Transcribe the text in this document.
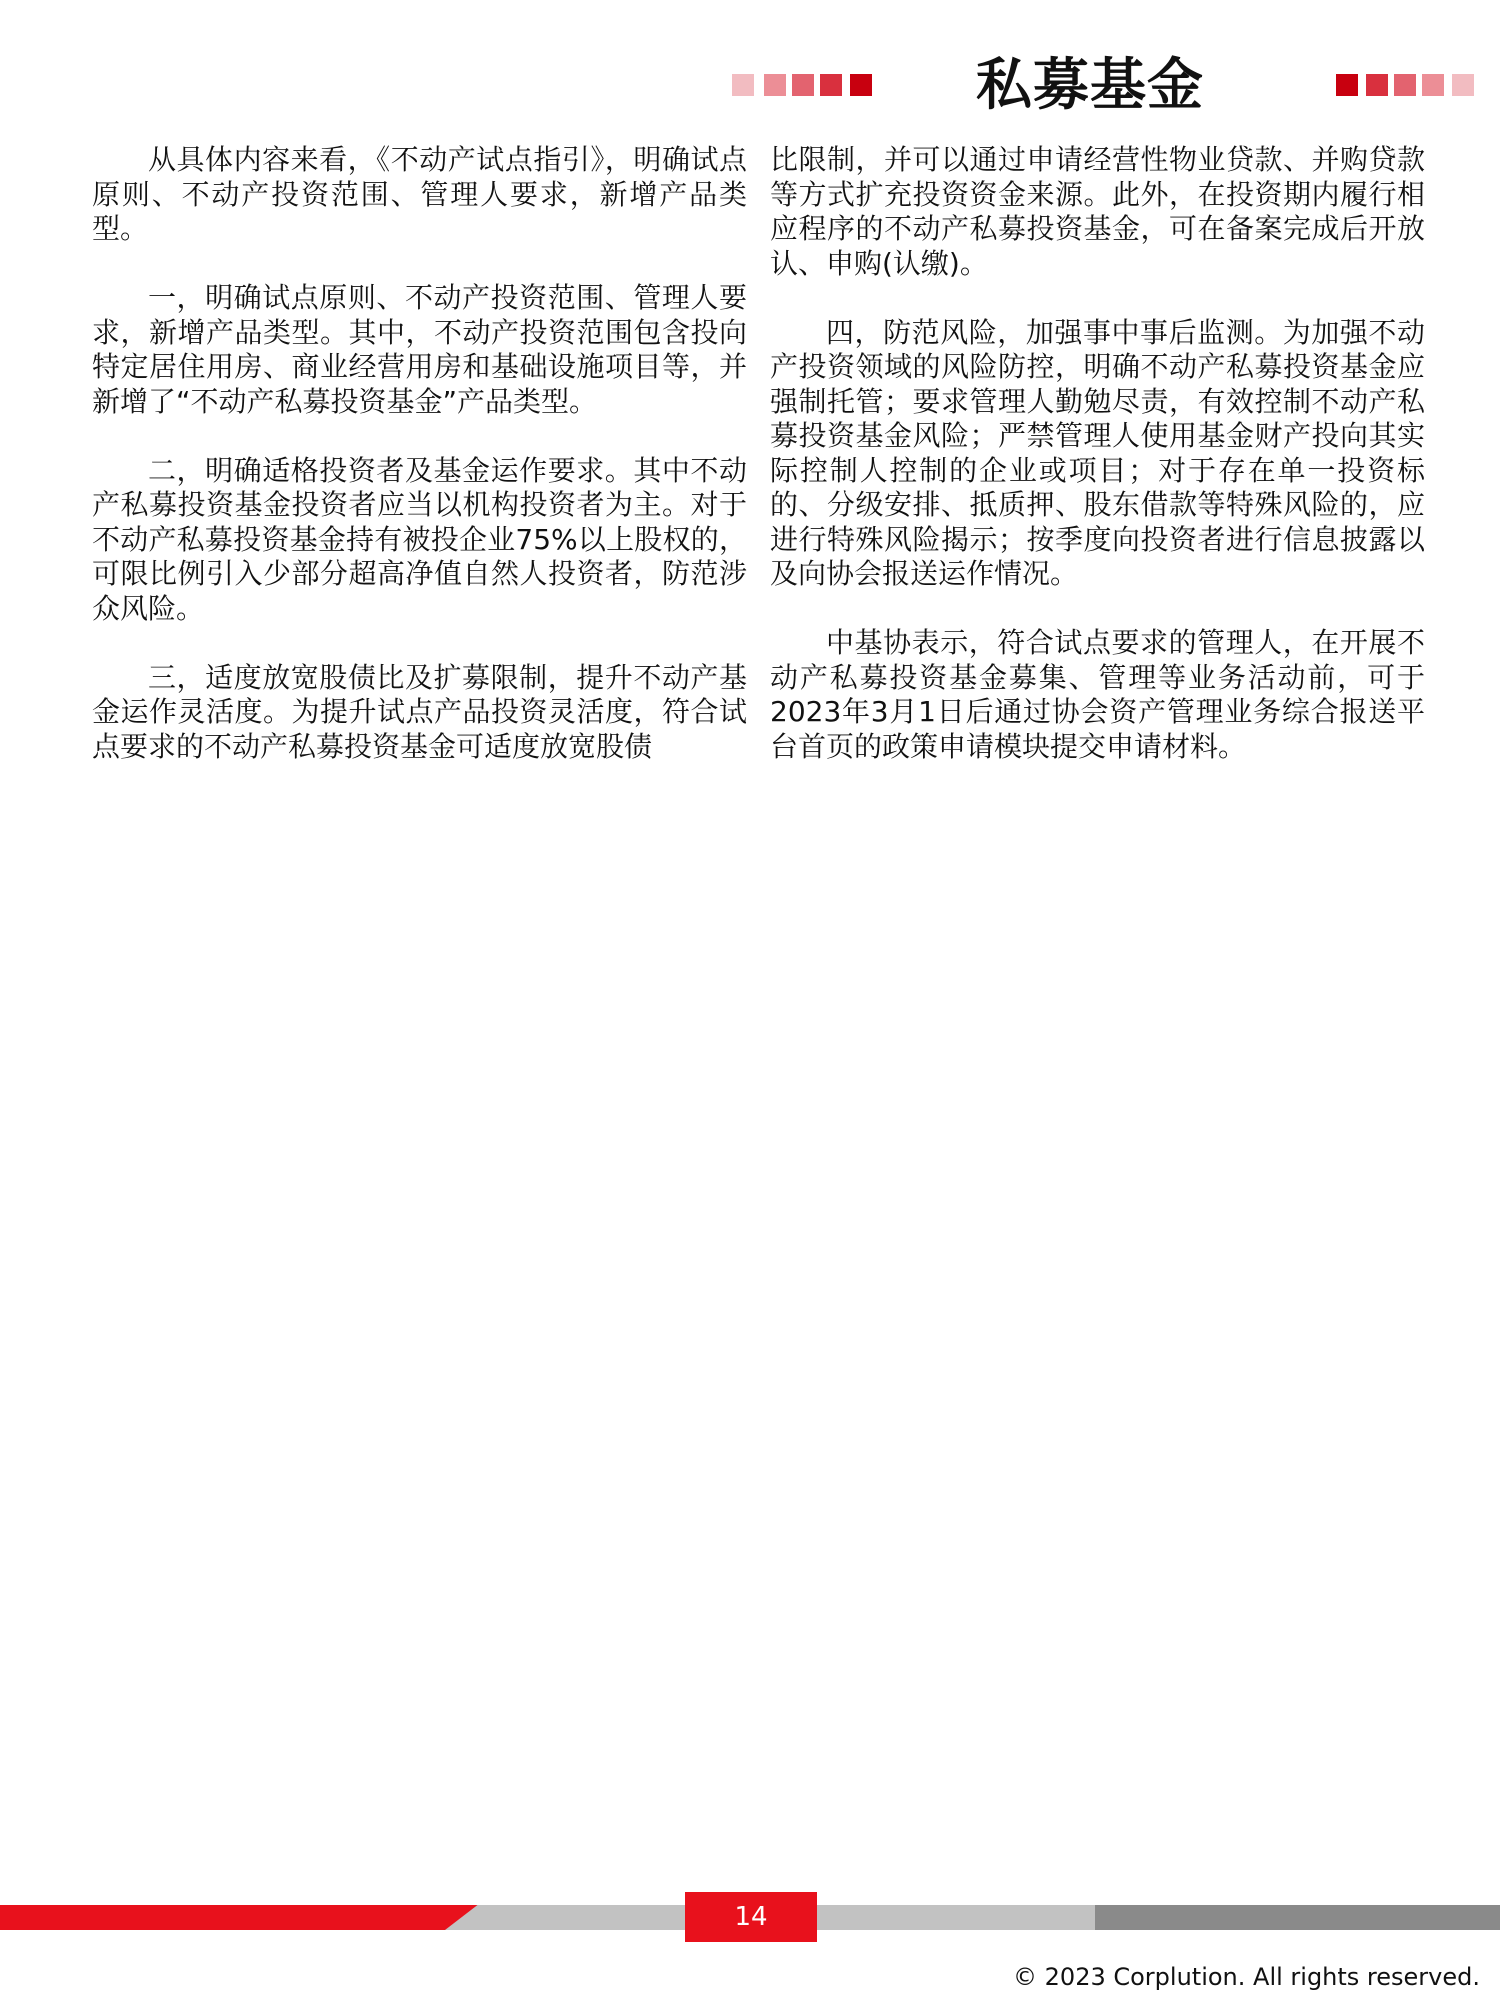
私募基金

从具体内容来看，《不动产试点指引》，明确试点原则、不动产投资范围、管理人要求，新增产品类型。

一，明确试点原则、不动产投资范围、管理人要求，新增产品类型。其中，不动产投资范围包含投向特定居住用房、商业经营用房和基础设施项目等，并新增了“不动产私募投资基金”产品类型。

二，明确适格投资者及基金运作要求。其中不动产私募投资基金投资者应当以机构投资者为主。对于不动产私募投资基金持有被投企业75%以上股权的，可限比例引入少部分超高净值自然人投资者，防范涉众风险。

三，适度放宽股债比及扩募限制，提升不动产基金运作灵活度。为提升试点产品投资灵活度，符合试点要求的不动产私募投资基金可适度放宽股债

比限制，并可以通过申请经营性物业贷款、并购贷款等方式扩充投资资金来源。此外，在投资期内履行相应程序的不动产私募投资基金，可在备案完成后开放认、申购(认缴)。

四，防范风险，加强事中事后监测。为加强不动产投资领域的风险防控，明确不动产私募投资基金应强制托管；要求管理人勤勉尽责，有效控制不动产私募投资基金风险；严禁管理人使用基金财产投向其实际控制人控制的企业或项目；对于存在单一投资标的、分级安排、抵质押、股东借款等特殊风险的，应进行特殊风险揭示；按季度向投资者进行信息披露以及向协会报送运作情况。

中基协表示，符合试点要求的管理人，在开展不动产私募投资基金募集、管理等业务活动前，可于2023年3月1日后通过协会资产管理业务综合报送平台首页的政策申请模块提交申请材料。

14
© 2023 Corplution. All rights reserved.
